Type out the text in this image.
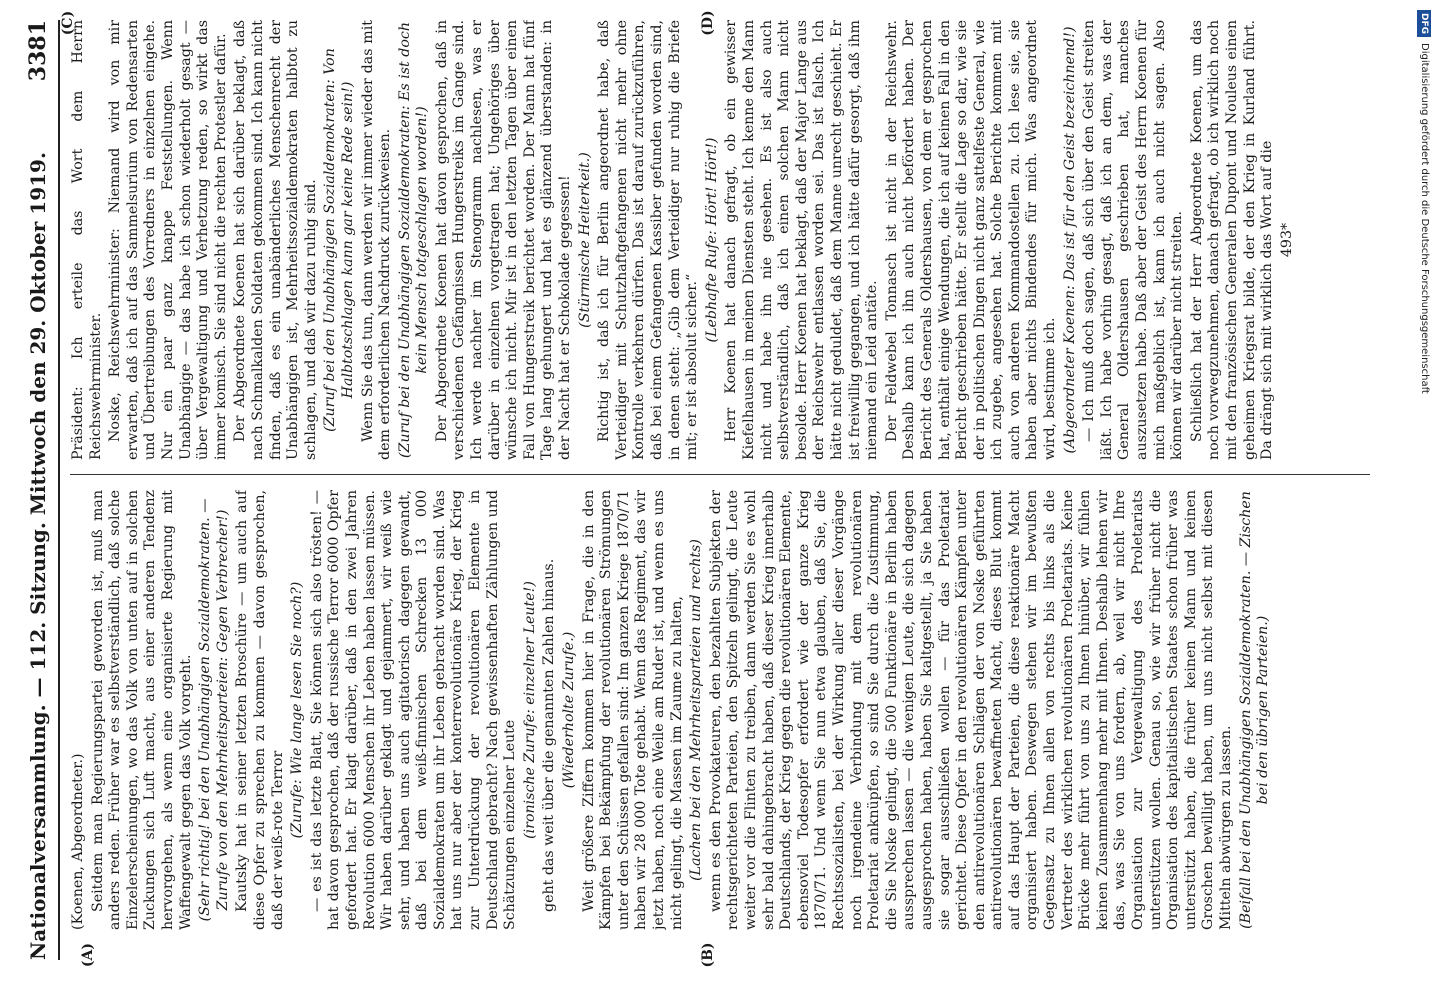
Nationalversammlung. — 112. Sitzung. Mittwoch den 29. Oktober 1919.
3381
(A)	(B)
(C)	(D)

(Koenen, Abgeordneter.) Seitdem man Regierungspartei geworden ist, muß man anders reden. Früher war es selbstverständlich, daß solche Einzelerscheinungen, wo das Volk von unten auf in solchen Zuckungen sich Luft macht, aus einer anderen Tendenz hervorgehen, als wenn eine organisierte Regierung mit Waffengewalt gegen das Volk vorgeht. (Sehr richtig! bei den Unabhängigen Sozialdemokraten. — Zurufe von den Mehrheitsparteien: Gegen Verbrecher!) Kautsky hat in seiner letzten Broschüre — um auch auf diese Opfer zu sprechen zu kommen — davon gesprochen, daß der weiß-rote Terror

(Zurufe: Wie lange lesen Sie noch?) — es ist das letzte Blatt, Sie können sich also trösten! — hat davon gesprochen, daß der russische Terror 6000 Opfer gefordert hat. Er klagt darüber, daß in den zwei Jahren Revolution 6000 Menschen ihr Leben haben lassen müssen. Wir haben darüber geklagt und gejammert, wir weiß wie sehr, und haben uns auch agitatorisch dagegen gewandt, daß bei dem weiß-finnischen Schrecken 13 000 Sozialdemokraten um ihr Leben gebracht worden sind. Was hat uns nur aber der konterrevolutionäre Krieg, der Krieg zur Unterdrückung der revolutionären Elemente in Deutschland gebracht? Nach gewissenhaften Zählungen und Schätzungen einzelner Leute (ironische Zurufe: einzelner Leute!) geht das weit über die genannten Zahlen hinaus. (Wiederholte Zurufe.) Weit größere Ziffern kommen hier in Frage, die in den Kämpfen bei Bekämpfung der revolutionären Strömungen unter den Schüssen gefallen sind: Im ganzen Kriege 1870/71 haben wir 28 000 Tote gehabt. Wenn das Regiment, das wir jetzt haben, noch eine Weile am Ruder ist, und wenn es uns nicht gelingt, die Massen im Zaume zu halten, (Lachen bei den Mehrheitsparteien und rechts) wenn es den Provokateuren, den bezahlten Subjekten der rechtsgerichteten Parteien, den Spitzeln gelingt, die Leute weiter vor die Flinten zu treiben, dann werden Sie es wohl sehr bald dahingebracht haben, daß dieser Krieg innerhalb Deutschlands, der Krieg gegen die revolutionären Elemente, ebensoviel Todesopfer erfordert wie der ganze Krieg 1870/71. Und wenn Sie nun etwa glauben, daß Sie, die Rechtssozialisten, bei der Wirkung aller dieser Vorgänge noch irgendeine Verbindung mit dem revolutionären Proletariat anknüpfen, so sind Sie durch die Zustimmung, die Sie Noske gelingt, die 500 Funktionäre in Berlin haben aussprechen lassen — die wenigen Leute, die sich dagegen ausgesprochen haben, haben Sie kaltgestellt, ja Sie haben sie sogar ausschließen wollen — für das Proletariat gerichtet. Diese Opfer in den revolutionären Kämpfen unter den antirevolutionären Schlägen der von Noske geführten antirevolutionären bewaffneten Macht, dieses Blut kommt auf das Haupt der Parteien, die diese reaktionäre Macht organisiert haben. Deswegen stehen wir im bewußten Gegensatz zu Ihnen allen von rechts bis links als die Vertreter des wirklichen revolutionären Proletariats. Keine Brücke mehr führt von uns zu Ihnen hinüber, wir fühlen keinen Zusammenhang mehr mit Ihnen. Deshalb lehnen wir das, was Sie von uns fordern, ab, weil wir nicht Ihre Organisation zur Vergewaltigung des Proletariats unterstützen wollen. Genau so, wie wir früher nicht die Organisation des kapitalistischen Staates schon früher was unterstützt haben, die früher keinen Mann und keinen Groschen bewilligt haben, um uns nicht selbst mit diesen Mitteln abwürgen zu lassen. (Beifall bei den Unabhängigen Sozialdemokraten. — Zischen bei den übrigen Parteien.)

Präsident: Ich erteile das Wort dem Herrn Reichswehrminister. Noske, Reichswehrminister: Niemand wird von mir erwarten, daß ich auf das Sammelsurium von Redensarten und Übertreibungen des Vorredners in einzelnen eingehe. Nur ein paar ganz knappe Feststellungen. Wenn Unabhängige — das habe ich schon wiederholt gesagt — über Vergewaltigung und Verhetzung reden, so wirkt das immer komisch. Sie sind nicht die rechten Protestler dafür. Der Abgeordnete Koenen hat sich darüber beklagt, daß nach Schmalkalden Soldaten gekommen sind. Ich kann nicht finden, daß es ein unabänderliches Menschenrecht der Unabhängigen ist, Mehrheitssozialdemokraten halbtot zu schlagen, und daß wir dazu ruhig sind. (Zuruf bei den Unabhängigen Sozialdemokraten: Von Halbtotschlagen kann gar keine Rede sein!) Wenn Sie das tun, dann werden wir immer wieder das mit dem erforderlichen Nachdruck zurückweisen. (Zuruf bei den Unabhängigen Sozialdemokraten: Es ist doch kein Mensch totgeschlagen worden!) Der Abgeordnete Koenen hat davon gesprochen, daß in verschiedenen Gefängnissen Hungerstreiks im Gange sind. Ich werde nachher im Stenogramm nachlesen, was er darüber in einzelnen vorgetragen hat; Ungehöriges über wünsche ich nicht. Mir ist in den letzten Tagen über einen Fall von Hungerstreik berichtet worden. Der Mann hat fünf Tage lang gehungert und hat es glänzend überstanden: in der Nacht hat er Schokolade gegessen! (Stürmische Heiterkeit.) Richtig ist, daß ich für Berlin angeordnet habe, daß Verteidiger mit Schutzhaftgefangenen nicht mehr ohne Kontrolle verkehren dürfen. Das ist darauf zurückzuführen, daß bei einem Gefangenen Kassiber gefunden worden sind, in denen steht: „Gib dem Verteidiger nur ruhig die Briefe mit; er ist absolut sicher.“

(Lebhafte Rufe: Hört! Hört!) Herr Koenen hat danach gefragt, ob ein gewisser Kiefelhausen in meinen Diensten steht. Ich kenne den Mann nicht und habe ihn nie gesehen. Es ist also auch selbstverständlich, daß ich einen solchen Mann nicht besolde. Herr Koenen hat beklagt, daß der Major Lange aus der Reichswehr entlassen worden sei. Das ist falsch. Ich hätte nicht geduldet, daß dem Manne unrecht geschieht. Er ist freiwillig gegangen, und ich hätte dafür gesorgt, daß ihm niemand ein Leid antäte. Der Feldwebel Tonnasch ist nicht in der Reichswehr. Deshalb kann ich ihn auch nicht befördert haben. Der Bericht des Generals Oldershausen, von dem er gesprochen hat, enthält einige Wendungen, die ich auf keinen Fall in den Bericht geschrieben hätte. Er stellt die Lage so dar, wie sie der in politischen Dingen nicht ganz sattelfeste General, wie ich zugebe, angesehen hat. Solche Berichte kommen mit auch von anderen Kommandostellen zu. Ich lese sie, sie haben aber nichts Bindendes für mich. Was angeordnet wird, bestimme ich. (Abgeordneter Koenen: Das ist für den Geist bezeichnend!) — Ich muß doch sagen, daß sich über den Geist streiten läßt. Ich habe vorhin gesagt, daß ich an dem, was der General Oldershausen geschrieben hat, manches auszusetzen habe. Daß aber der Geist des Herrn Koenen für mich maßgeblich ist, kann ich auch nicht sagen. Also können wir darüber nicht streiten. Schließlich hat der Herr Abgeordnete Koenen, um das noch vorwegzunehmen, danach gefragt, ob ich wirklich noch mit den französischen Generalen Dupont und Nouleus einen geheimen Kriegsrat bilde, der den Krieg in Kurland führt. Da drängt sich mit wirklich das Wort auf die 493*

DFGDigitalisierung gefördert durch die Deutsche Forschungsgemeinschaft
